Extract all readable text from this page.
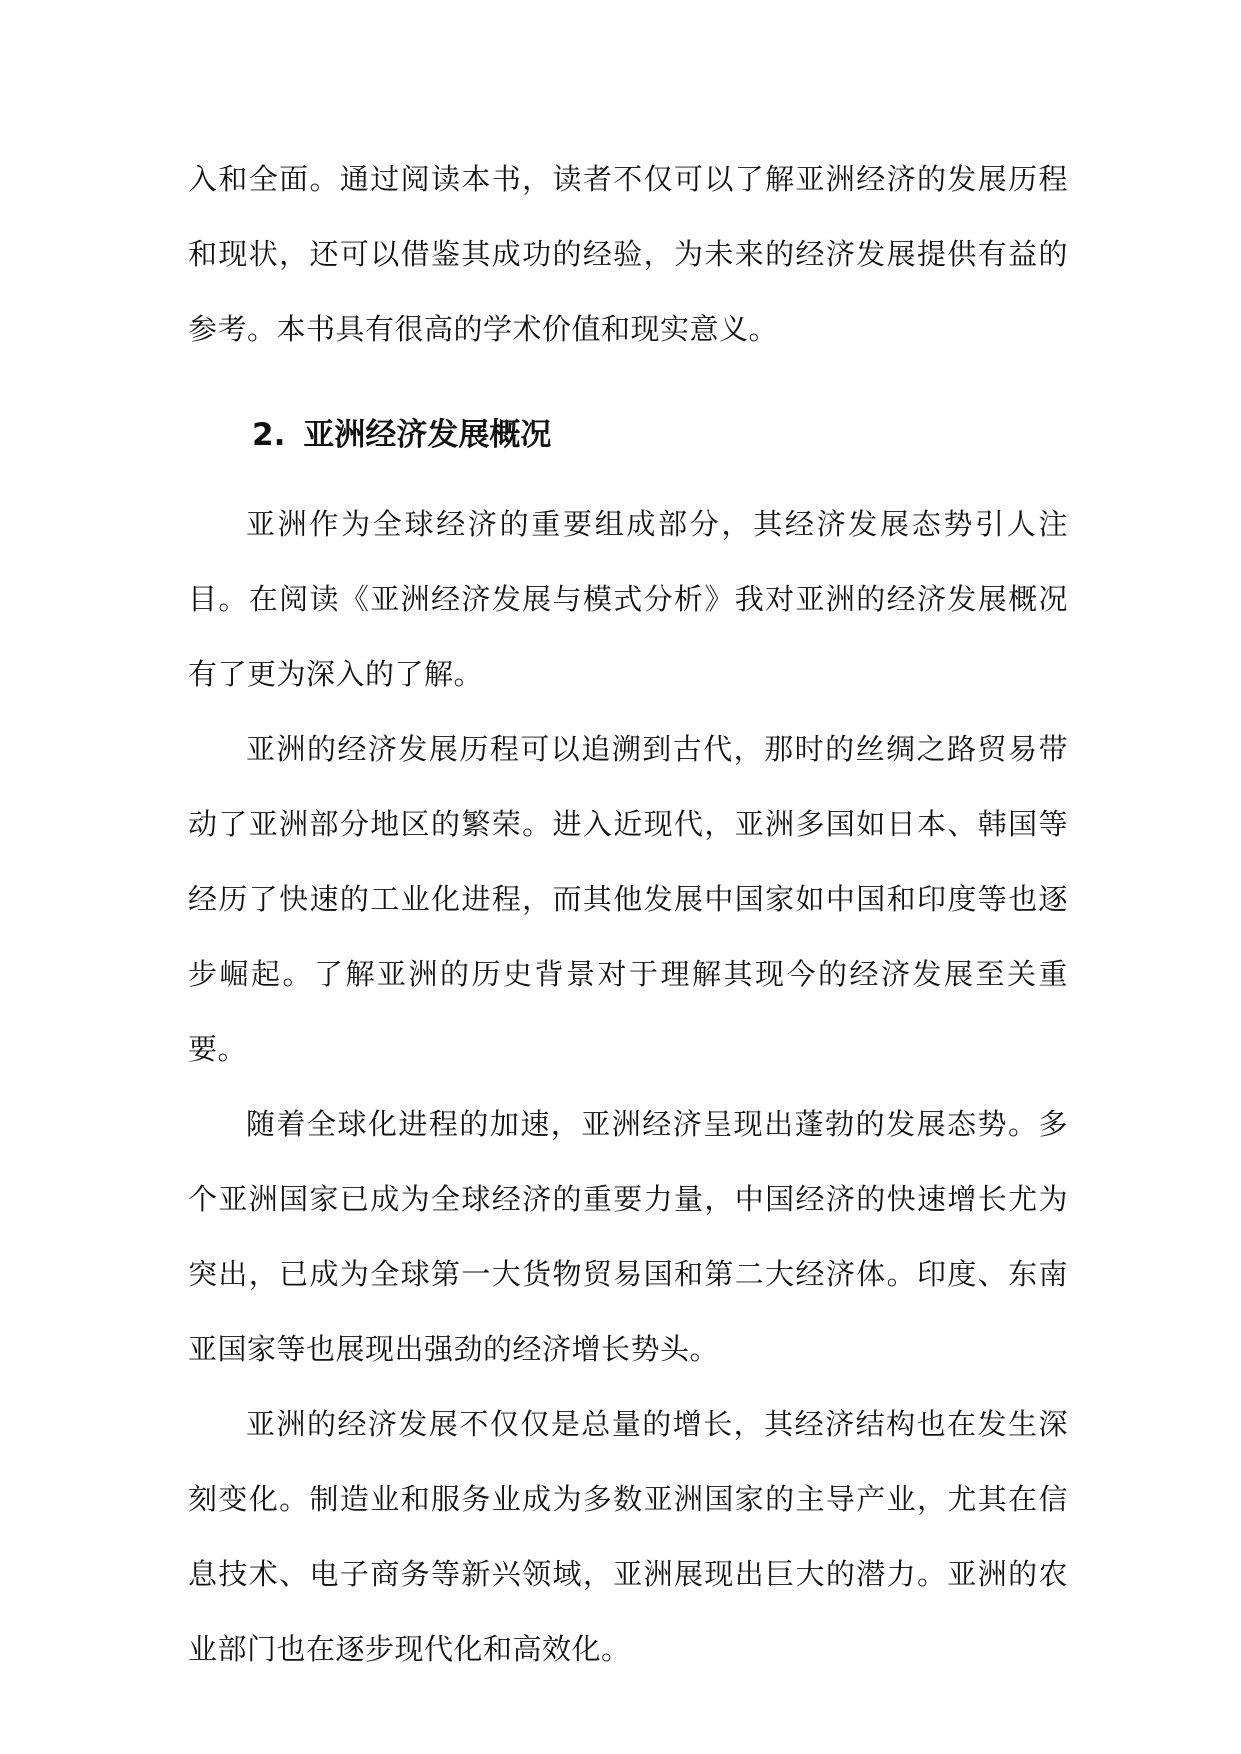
入和全面。通过阅读本书，读者不仅可以了解亚洲经济的发展历程和现状，还可以借鉴其成功的经验，为未来的经济发展提供有益的参考。本书具有很高的学术价值和现实意义。

2. 亚洲经济发展概况

亚洲作为全球经济的重要组成部分，其经济发展态势引人注目。在阅读《亚洲经济发展与模式分析》我对亚洲的经济发展概况有了更为深入的了解。

亚洲的经济发展历程可以追溯到古代，那时的丝绸之路贸易带动了亚洲部分地区的繁荣。进入近现代，亚洲多国如日本、韩国等经历了快速的工业化进程，而其他发展中国家如中国和印度等也逐步崛起。了解亚洲的历史背景对于理解其现今的经济发展至关重要。

随着全球化进程的加速，亚洲经济呈现出蓬勃的发展态势。多个亚洲国家已成为全球经济的重要力量，中国经济的快速增长尤为突出，已成为全球第一大货物贸易国和第二大经济体。印度、东南亚国家等也展现出强劲的经济增长势头。

亚洲的经济发展不仅仅是总量的增长，其经济结构也在发生深刻变化。制造业和服务业成为多数亚洲国家的主导产业，尤其在信息技术、电子商务等新兴领域，亚洲展现出巨大的潜力。亚洲的农业部门也在逐步现代化和高效化。
